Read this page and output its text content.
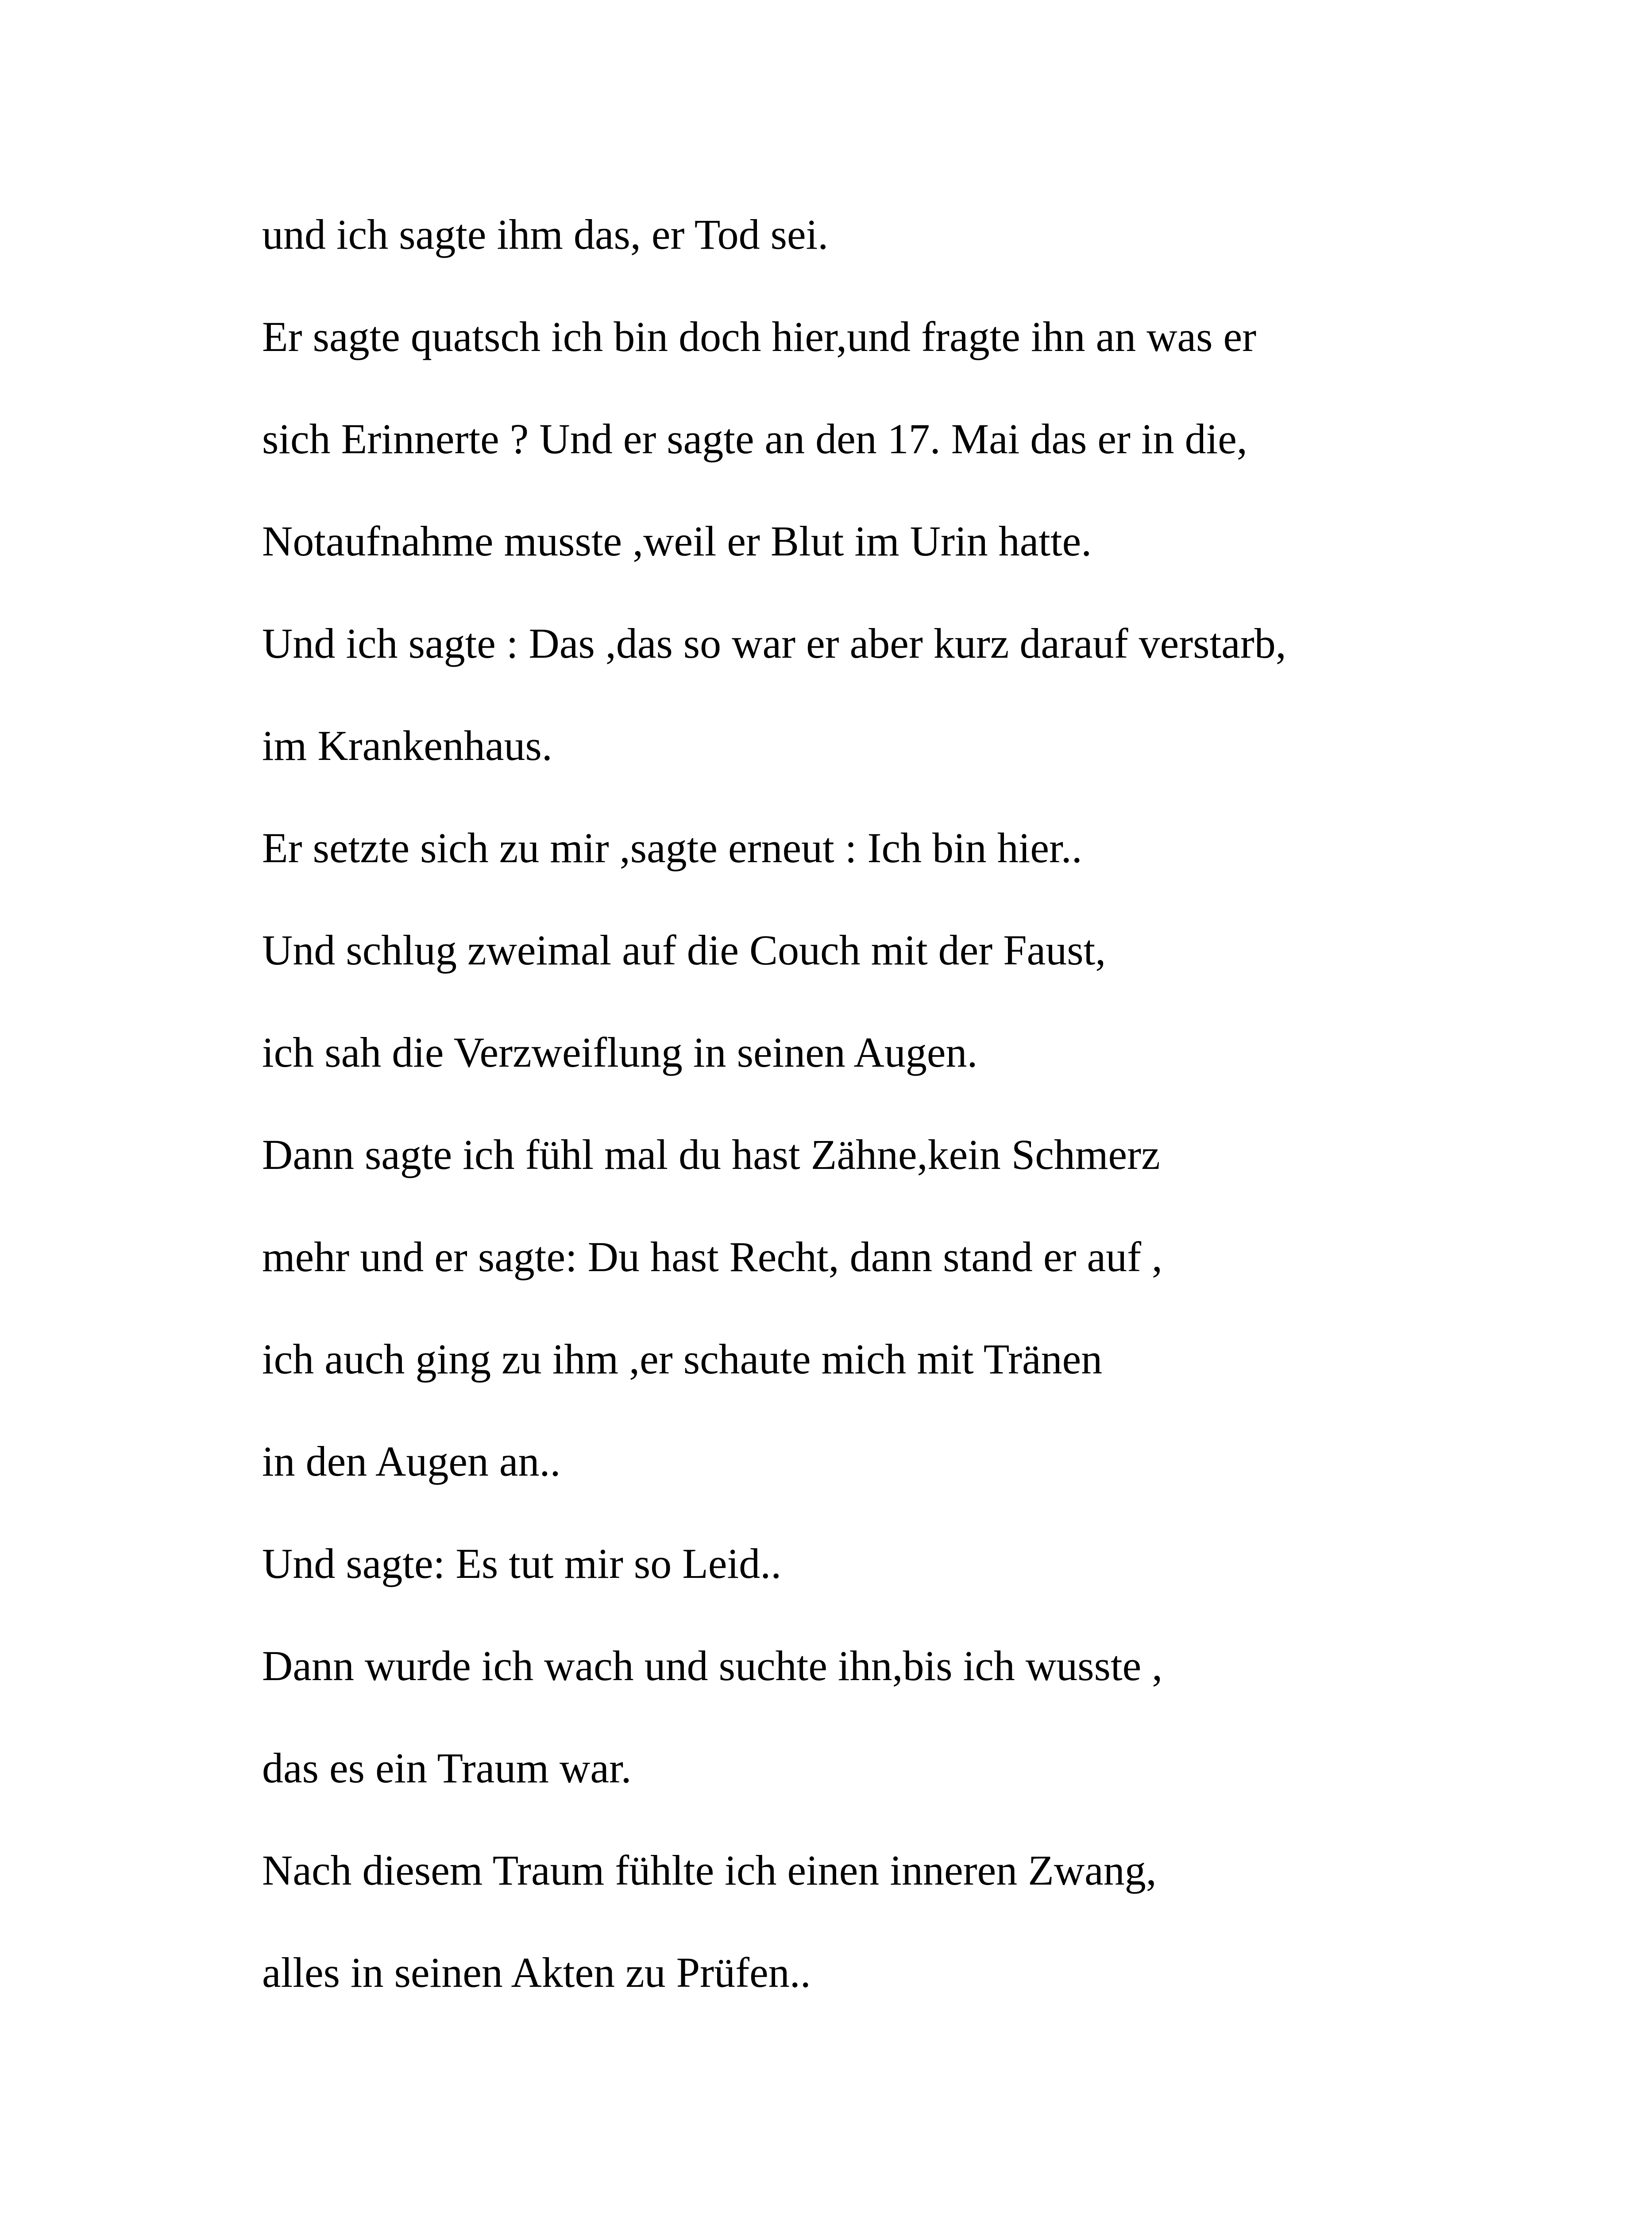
und ich sagte ihm das, er Tod sei.
Er sagte quatsch ich bin doch hier,und fragte ihn an was er
sich Erinnerte ? Und er sagte an den 17. Mai das er in die,
Notaufnahme musste ,weil er Blut im Urin hatte.
Und ich sagte : Das ,das so war er aber kurz darauf verstarb,
im Krankenhaus.
Er setzte sich zu mir ,sagte erneut : Ich bin hier..
Und schlug zweimal auf die Couch mit der Faust,
ich sah die Verzweiflung in seinen Augen.
Dann sagte ich fühl mal du hast Zähne,kein Schmerz
mehr und er sagte: Du hast Recht, dann stand er auf ,
ich auch ging zu ihm ,er schaute mich mit Tränen
in den Augen an..
Und sagte: Es tut mir so Leid..
Dann wurde ich wach und suchte ihn,bis ich wusste ,
das es ein Traum war.
Nach diesem Traum fühlte ich einen inneren Zwang,
alles in seinen Akten zu Prüfen..
